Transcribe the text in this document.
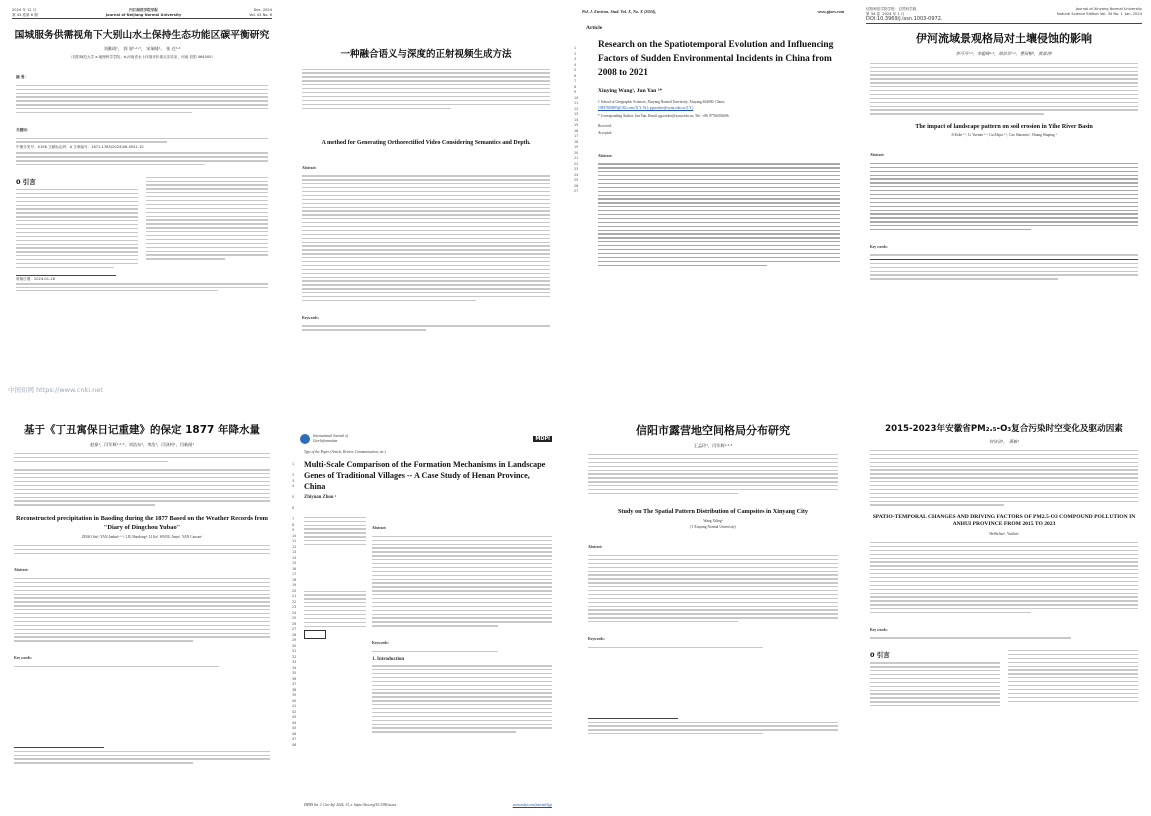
2024 年 12 月
第 43 卷第 6 期
内江师范学院学报
Journal of Neijiang Normal University
Dec. 2024
Vol. 43 No. 6
国城服务供需视角下大别山水土保持生态功能区碳平衡研究
刘雅琦¹， 郭 胃¹·²·³， 宋瑞琦¹， 张 迁¹·⁴
（信阳师范大学 a.地理科学学院；b.河南省水土环境评价重点实验室，河南 信阳 464000）
摘 要：
关键词：
中图分类号：X196 文献标志码：A 文章编号：1671-1785(2024)06-0041-10
0 引言
收稿日期：2024-01-18
中国知网 https://www.cnki.net
一种融合语义与深度的正射视频生成方法
A method for Generating Orthorectified Video Considering Semantics and Depth.
Abstract:
Keywords:
Pol. J. Environ. Stud. Vol. X, No. X (2024),	www.pjoes.com
Article
1
2
3
4
5
6
7
8
9
10
11
12
13
14
15
16
17
18
19
20
21
22
23
24
25
26
27
Research on the Spatiotemporal Evolution and Influencing Factors of Sudden Environmental Incidents in China from 2008 to 2021
Xinying Wang¹, Jun Yan ¹*
1 School of Geographic Sciences, Xinyang Normal University, Xinyang 464000, China;
19837845895@163.com (X.Y. W.); pgworker@xynu.edu.cn (J.Y.)
* Corresponding Author: Jun Yan, Email: pgworker@xynu.edu.cn; Tel.: +86 07766392696.
Received:
Accepted:
Abstract:
信阳师范学院学报：自然科学版
第 34 卷  2024 年 1 月
Journal of Xinyang Normal University
Natural Science Edition Vol. 34 No. 1  Jan. 2024
DOI:10.3969/j.issn.1003-0972.
伊河流域景观格局对土壤侵蚀的影响
李可可¹·²，李超峰¹·²，胡治军¹·²，曹招彬²，黄淑萍¹
The impact of landscape pattern on soil erosion in Yihe River Basin
Ji Keke ¹·², Li Yuemei ¹·², Gu Zhijia ¹·², Cao Shaomin ¹, Huang Shuping ¹
Abstract:
Key words:
基于《丁丑寓保日记重建》的保定 1877 年降水量
赵泰¹，闫军辉¹·²·³，刘浩东⁴，李浩¹，闫泽钧¹，闫新闻¹
Reconstructed precipitation in Baoding during the 1877 Based on the Weather Records from "Diary of Dingchou Yubao"
ZHAO Sai¹, YAN Junhui¹·²·³, LIU Haodong⁴, LI Jia¹, WANG Jinyu¹, YAN Cancan¹
Abstract:
Key words:
International Journal of
Geo-Information	MDPI
1

2
3
4

5

6

7
8
9
10
11
12
13
14
15
16
17
18
19
20
21
22
23
24
25
26
27
28
29
30
31
32
33
34
35
36
37
38
39
40
41
42
43
44
45
46
47
48
Type of the Paper (Article, Review, Communication, etc.)
Multi-Scale Comparison of the Formation Mechanisms in Landscape Genes of Traditional Villages -- A Case Study of Henan Province, China
Zhiyuan Zhou ¹
Abstract:
Keywords:
1. Introduction
ISPRS Int. J. Geo-Inf. 2024, 13, x. https://doi.org/10.3390/xxxxx	www.mdpi.com/journal/ijgi
信阳市露营地空间格局分布研究
王孟玲¹，闫军辉¹·²·³
Study on The Spatial Pattern Distribution of Campsites in Xinyang City
Wang Xiling¹
(1 Xinyang Normal University)
Abstract:
Keywords:
2015-2023年安徽省PM₂.₅-O₃复合污染时空变化及驱动因素
何诗洁¹， 燕栋¹
SPATIO-TEMPORAL CHANGES AND DRIVING FACTORS OF PM2.5-O3 COMPOUND POLLUTION IN ANHUI PROVINCE FROM 2015 TO 2023
HeShiJiao¹, YanJun¹
Key words:
0 引言
